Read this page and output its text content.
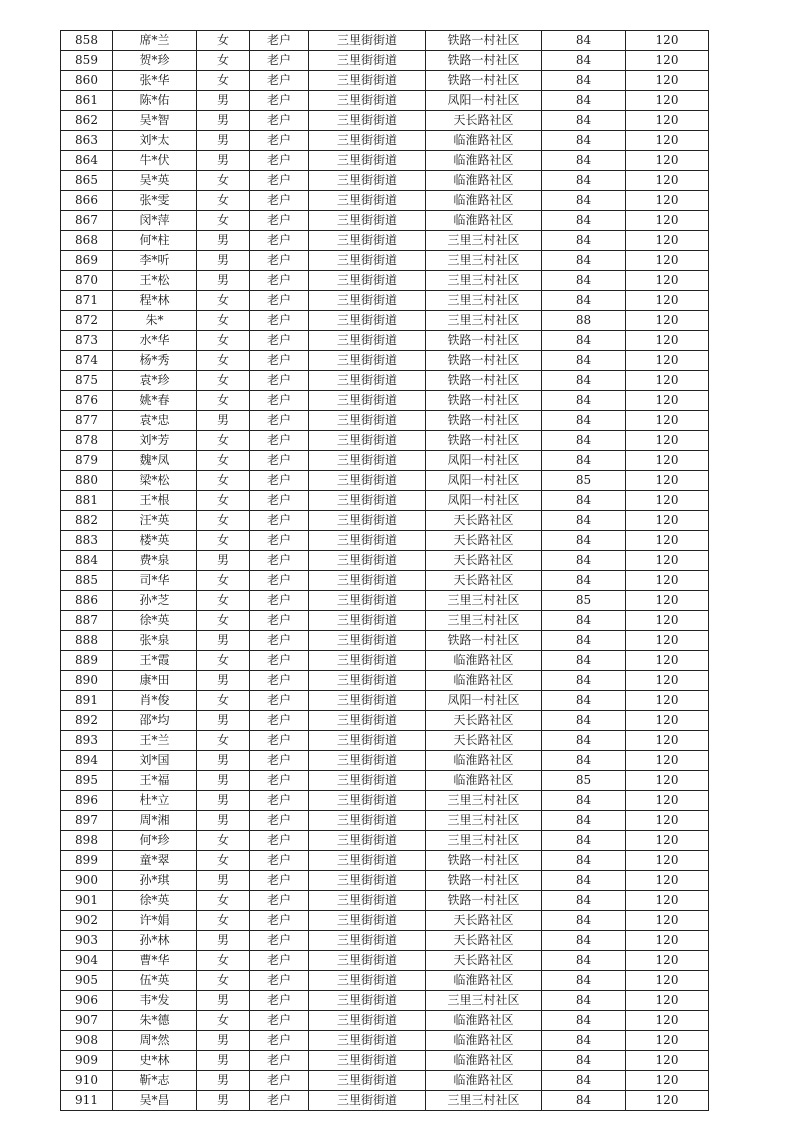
858	席*兰	女	老户	三里街街道	铁路一村社区	84	120
859	贺*珍	女	老户	三里街街道	铁路一村社区	84	120
860	张*华	女	老户	三里街街道	铁路一村社区	84	120
861	陈*佑	男	老户	三里街街道	凤阳一村社区	84	120
862	吴*智	男	老户	三里街街道	天长路社区	84	120
863	刘*太	男	老户	三里街街道	临淮路社区	84	120
864	牛*伏	男	老户	三里街街道	临淮路社区	84	120
865	吴*英	女	老户	三里街街道	临淮路社区	84	120
866	张*雯	女	老户	三里街街道	临淮路社区	84	120
867	闵*萍	女	老户	三里街街道	临淮路社区	84	120
868	何*柱	男	老户	三里街街道	三里三村社区	84	120
869	李*听	男	老户	三里街街道	三里三村社区	84	120
870	王*松	男	老户	三里街街道	三里三村社区	84	120
871	程*林	女	老户	三里街街道	三里三村社区	84	120
872	朱*	女	老户	三里街街道	三里三村社区	88	120
873	水*华	女	老户	三里街街道	铁路一村社区	84	120
874	杨*秀	女	老户	三里街街道	铁路一村社区	84	120
875	袁*珍	女	老户	三里街街道	铁路一村社区	84	120
876	姚*春	女	老户	三里街街道	铁路一村社区	84	120
877	袁*忠	男	老户	三里街街道	铁路一村社区	84	120
878	刘*芳	女	老户	三里街街道	铁路一村社区	84	120
879	魏*凤	女	老户	三里街街道	凤阳一村社区	84	120
880	梁*松	女	老户	三里街街道	凤阳一村社区	85	120
881	王*根	女	老户	三里街街道	凤阳一村社区	84	120
882	汪*英	女	老户	三里街街道	天长路社区	84	120
883	楼*英	女	老户	三里街街道	天长路社区	84	120
884	费*泉	男	老户	三里街街道	天长路社区	84	120
885	司*华	女	老户	三里街街道	天长路社区	84	120
886	孙*芝	女	老户	三里街街道	三里三村社区	85	120
887	徐*英	女	老户	三里街街道	三里三村社区	84	120
888	张*泉	男	老户	三里街街道	铁路一村社区	84	120
889	王*霞	女	老户	三里街街道	临淮路社区	84	120
890	康*田	男	老户	三里街街道	临淮路社区	84	120
891	肖*俊	女	老户	三里街街道	凤阳一村社区	84	120
892	邵*均	男	老户	三里街街道	天长路社区	84	120
893	王*兰	女	老户	三里街街道	天长路社区	84	120
894	刘*国	男	老户	三里街街道	临淮路社区	84	120
895	王*福	男	老户	三里街街道	临淮路社区	85	120
896	杜*立	男	老户	三里街街道	三里三村社区	84	120
897	周*湘	男	老户	三里街街道	三里三村社区	84	120
898	何*珍	女	老户	三里街街道	三里三村社区	84	120
899	童*翠	女	老户	三里街街道	铁路一村社区	84	120
900	孙*琪	男	老户	三里街街道	铁路一村社区	84	120
901	徐*英	女	老户	三里街街道	铁路一村社区	84	120
902	许*娟	女	老户	三里街街道	天长路社区	84	120
903	孙*林	男	老户	三里街街道	天长路社区	84	120
904	曹*华	女	老户	三里街街道	天长路社区	84	120
905	伍*英	女	老户	三里街街道	临淮路社区	84	120
906	韦*发	男	老户	三里街街道	三里三村社区	84	120
907	朱*德	女	老户	三里街街道	临淮路社区	84	120
908	周*然	男	老户	三里街街道	临淮路社区	84	120
909	史*林	男	老户	三里街街道	临淮路社区	84	120
910	靳*志	男	老户	三里街街道	临淮路社区	84	120
911	吴*昌	男	老户	三里街街道	三里三村社区	84	120
